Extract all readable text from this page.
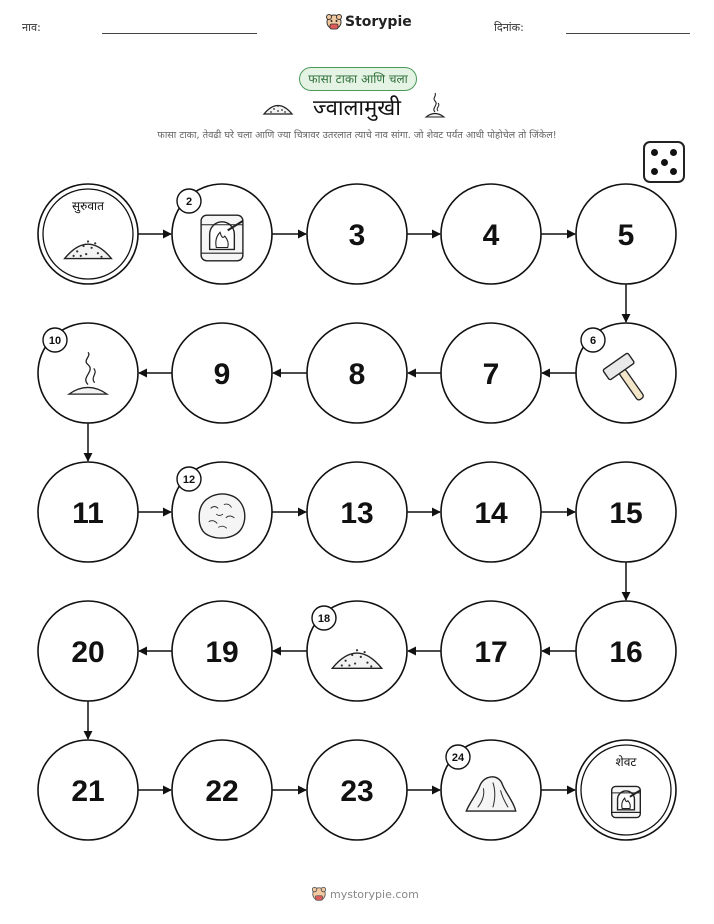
नाव:	Storypie	दिनांक:
फासा टाका आणि चला
ज्वालामुखी
फासा टाका, तेवढी घरे चला आणि ज्या चित्रावर उतरलात त्याचे नाव सांगा. जो शेवट पर्यंत आधी पोहोचेल तो जिंकेल!
सुरुवात	2
3	4	5
6
7
8
9
10
11
12
13	14	15
16
17
18
19
20
21	22	23
24	शेवट
mystorypie.com
